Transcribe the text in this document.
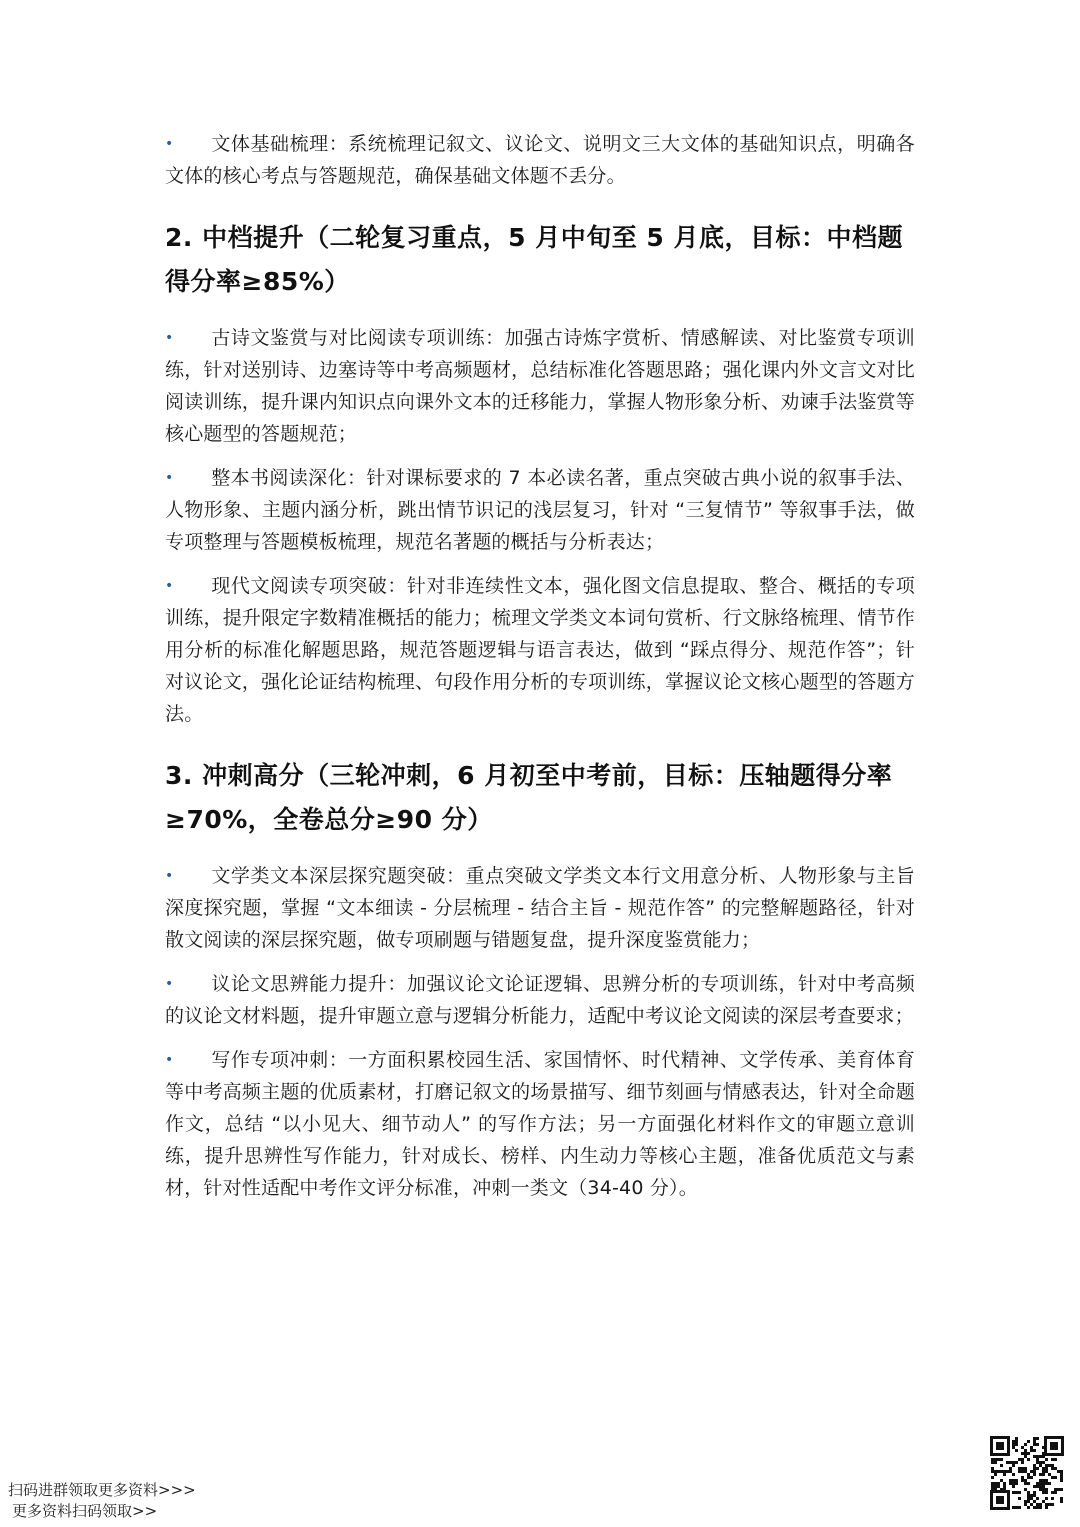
• 文体基础梳理：系统梳理记叙文、议论文、说明文三大文体的基础知识点，明确各文体的核心考点与答题规范，确保基础文体题不丢分。

2. 中档提升（二轮复习重点，5 月中旬至 5 月底，目标：中档题得分率≥85%）

• 古诗文鉴赏与对比阅读专项训练：加强古诗炼字赏析、情感解读、对比鉴赏专项训练，针对送别诗、边塞诗等中考高频题材，总结标准化答题思路；强化课内外文言文对比阅读训练，提升课内知识点向课外文本的迁移能力，掌握人物形象分析、劝谏手法鉴赏等核心题型的答题规范；

• 整本书阅读深化：针对课标要求的 7 本必读名著，重点突破古典小说的叙事手法、人物形象、主题内涵分析，跳出情节识记的浅层复习，针对 “三复情节” 等叙事手法，做专项整理与答题模板梳理，规范名著题的概括与分析表达；

• 现代文阅读专项突破：针对非连续性文本，强化图文信息提取、整合、概括的专项训练，提升限定字数精准概括的能力；梳理文学类文本词句赏析、行文脉络梳理、情节作用分析的标准化解题思路，规范答题逻辑与语言表达，做到 “踩点得分、规范作答”；针对议论文，强化论证结构梳理、句段作用分析的专项训练，掌握议论文核心题型的答题方法。

3. 冲刺高分（三轮冲刺，6 月初至中考前，目标：压轴题得分率≥70%，全卷总分≥90 分）

• 文学类文本深层探究题突破：重点突破文学类文本行文用意分析、人物形象与主旨深度探究题，掌握 “文本细读 - 分层梳理 - 结合主旨 - 规范作答” 的完整解题路径，针对散文阅读的深层探究题，做专项刷题与错题复盘，提升深度鉴赏能力；

• 议论文思辨能力提升：加强议论文论证逻辑、思辨分析的专项训练，针对中考高频的议论文材料题，提升审题立意与逻辑分析能力，适配中考议论文阅读的深层考查要求；

• 写作专项冲刺：一方面积累校园生活、家国情怀、时代精神、文学传承、美育体育等中考高频主题的优质素材，打磨记叙文的场景描写、细节刻画与情感表达，针对全命题作文，总结 “以小见大、细节动人” 的写作方法；另一方面强化材料作文的审题立意训练，提升思辨性写作能力，针对成长、榜样、内生动力等核心主题，准备优质范文与素材，针对性适配中考作文评分标准，冲刺一类文（34-40 分）。

扫码进群领取更多资料>>>
更多资料扫码领取>>
